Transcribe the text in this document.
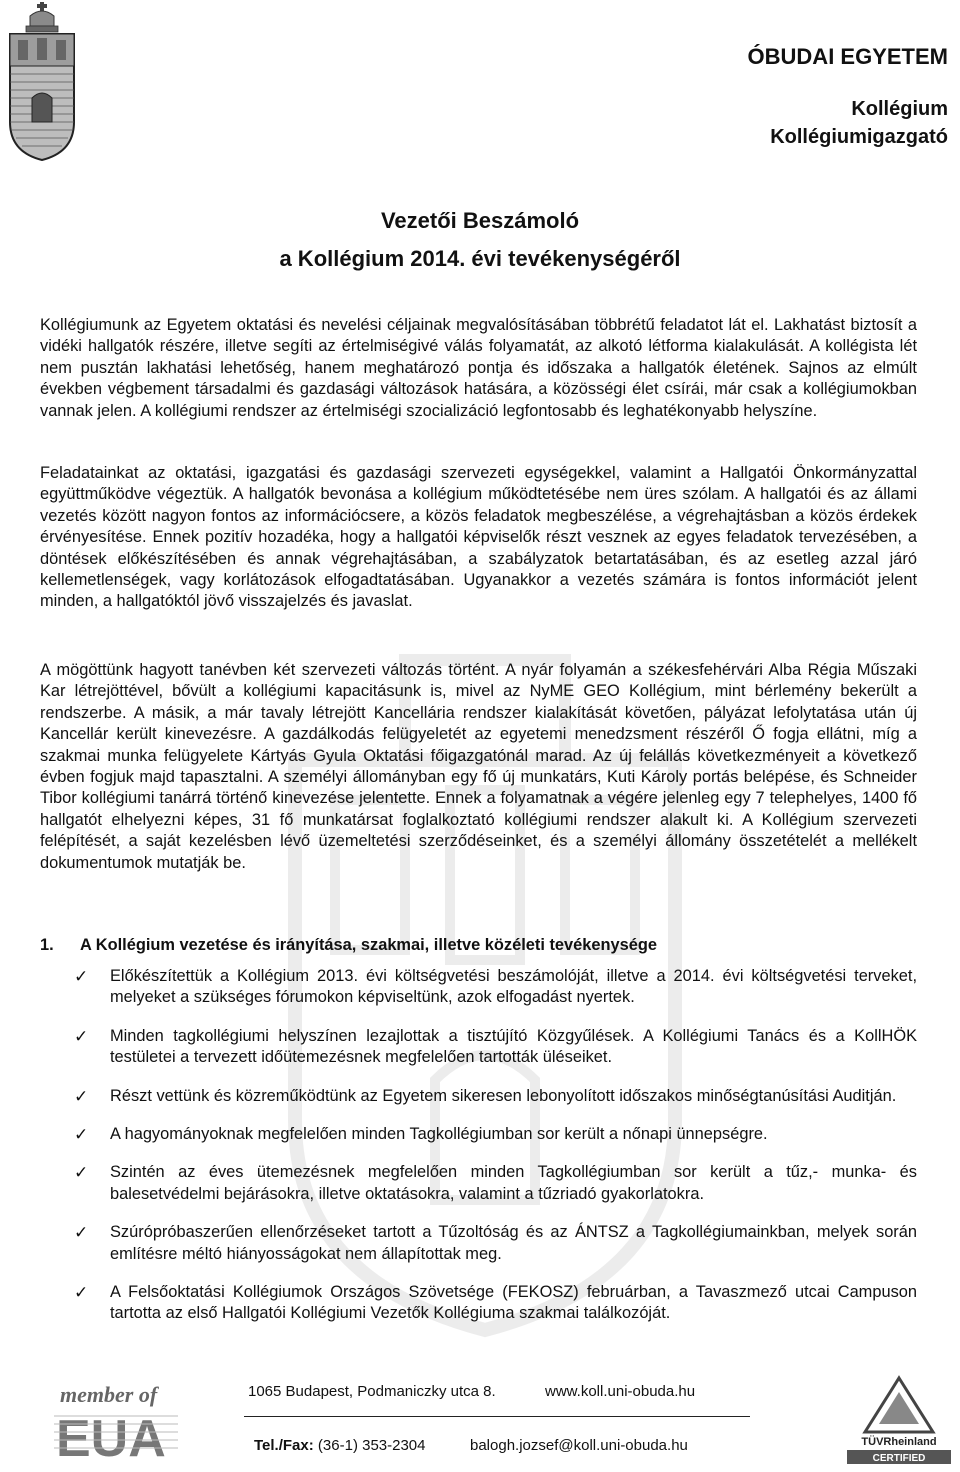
ÓBUDAI EGYETEM
Kollégium
Kollégiumigazgató
Vezetői Beszámoló
a Kollégium 2014. évi tevékenységéről

Kollégiumunk az Egyetem oktatási és nevelési céljainak megvalósításában többrétű feladatot lát el. Lakhatást biztosít a vidéki hallgatók részére, illetve segíti az értelmiségivé válás folyamatát, az alkotó létforma kialakulását. A kollégista lét nem pusztán lakhatási lehetőség, hanem meghatározó pontja és időszaka a hallgatók életének. Sajnos az elmúlt években végbement társadalmi és gazdasági változások hatására, a közösségi élet csírái, már csak a kollégiumokban vannak jelen. A kollégiumi rendszer az értelmiségi szocializáció legfontosabb és leghatékonyabb helyszíne.

Feladatainkat az oktatási, igazgatási és gazdasági szervezeti egységekkel, valamint a Hallgatói Önkormányzattal együttműködve végeztük. A hallgatók bevonása a kollégium működtetésébe nem üres szólam. A hallgatói és az állami vezetés között nagyon fontos az információcsere, a közös feladatok megbeszélése, a végrehajtásban a közös érdekek érvényesítése. Ennek pozitív hozadéka, hogy a hallgatói képviselők részt vesznek az egyes feladatok tervezésében, a döntések előkészítésében és annak végrehajtásában, a szabályzatok betartatásában, és az esetleg azzal járó kellemetlenségek, vagy korlátozások elfogadtatásában. Ugyanakkor a vezetés számára is fontos információt jelent minden, a hallgatóktól jövő visszajelzés és javaslat.

A mögöttünk hagyott tanévben két szervezeti változás történt. A nyár folyamán a székesfehérvári Alba Régia Műszaki Kar létrejöttével, bővült a kollégiumi kapacitásunk is, mivel az NyME GEO Kollégium, mint bérlemény bekerült a rendszerbe. A másik, a már tavaly létrejött Kancellária rendszer kialakítását követően, pályázat lefolytatása után új Kancellár került kinevezésre. A gazdálkodás felügyeletét az egyetemi menedzsment részéről Ő fogja ellátni, míg a szakmai munka felügyelete Kártyás Gyula Oktatási főigazgatónál marad. Az új felállás következményeit a következő évben fogjuk majd tapasztalni. A személyi állományban egy fő új munkatárs, Kuti Károly portás belépése, és Schneider Tibor kollégiumi tanárrá történő kinevezése jelentette. Ennek a folyamatnak a végére jelenleg egy 7 telephelyes, 1400 fő hallgatót elhelyezni képes, 31 fő munkatársat foglalkoztató kollégiumi rendszer alakult ki. A Kollégium szervezeti felépítését, a saját kezelésben lévő üzemeltetési szerződéseinket, és a személyi állomány összetételét a mellékelt dokumentumok mutatják be.

1. A Kollégium vezetése és irányítása, szakmai, illetve közéleti tevékenysége
✓ Előkészítettük a Kollégium 2013. évi költségvetési beszámolóját, illetve a 2014. évi költségvetési terveket, melyeket a szükséges fórumokon képviseltünk, azok elfogadást nyertek.
✓ Minden tagkollégiumi helyszínen lezajlottak a tisztújító Közgyűlések. A Kollégiumi Tanács és a KollHÖK testületei a tervezett időütemezésnek megfelelően tartották üléseiket.
✓ Részt vettünk és közreműködtünk az Egyetem sikeresen lebonyolított időszakos minőségtanúsítási Auditján.
✓ A hagyományoknak megfelelően minden Tagkollégiumban sor került a nőnapi ünnepségre.
✓ Szintén az éves ütemezésnek megfelelően minden Tagkollégiumban sor került a tűz,- munka- és balesetvédelmi bejárásokra, illetve oktatásokra, valamint a tűzriadó gyakorlatokra.
✓ Szúrópróbaszerűen ellenőrzéseket tartott a Tűzoltóság és az ÁNTSZ a Tagkollégiumainkban, melyek során említésre méltó hiányosságokat nem állapítottak meg.
✓ A Felsőoktatási Kollégiumok Országos Szövetsége (FEKOSZ) februárban, a Tavaszmező utcai Campuson tartotta az első Hallgatói Kollégiumi Vezetők Kollégiuma szakmai találkozóját.
member of
EUA
1065 Budapest, Podmaniczky utca 8.	www.koll.uni-obuda.hu
Tel./Fax: (36-1) 353-2304	balogh.jozsef@koll.uni-obuda.hu	TÜVRheinland
CERTIFIED
